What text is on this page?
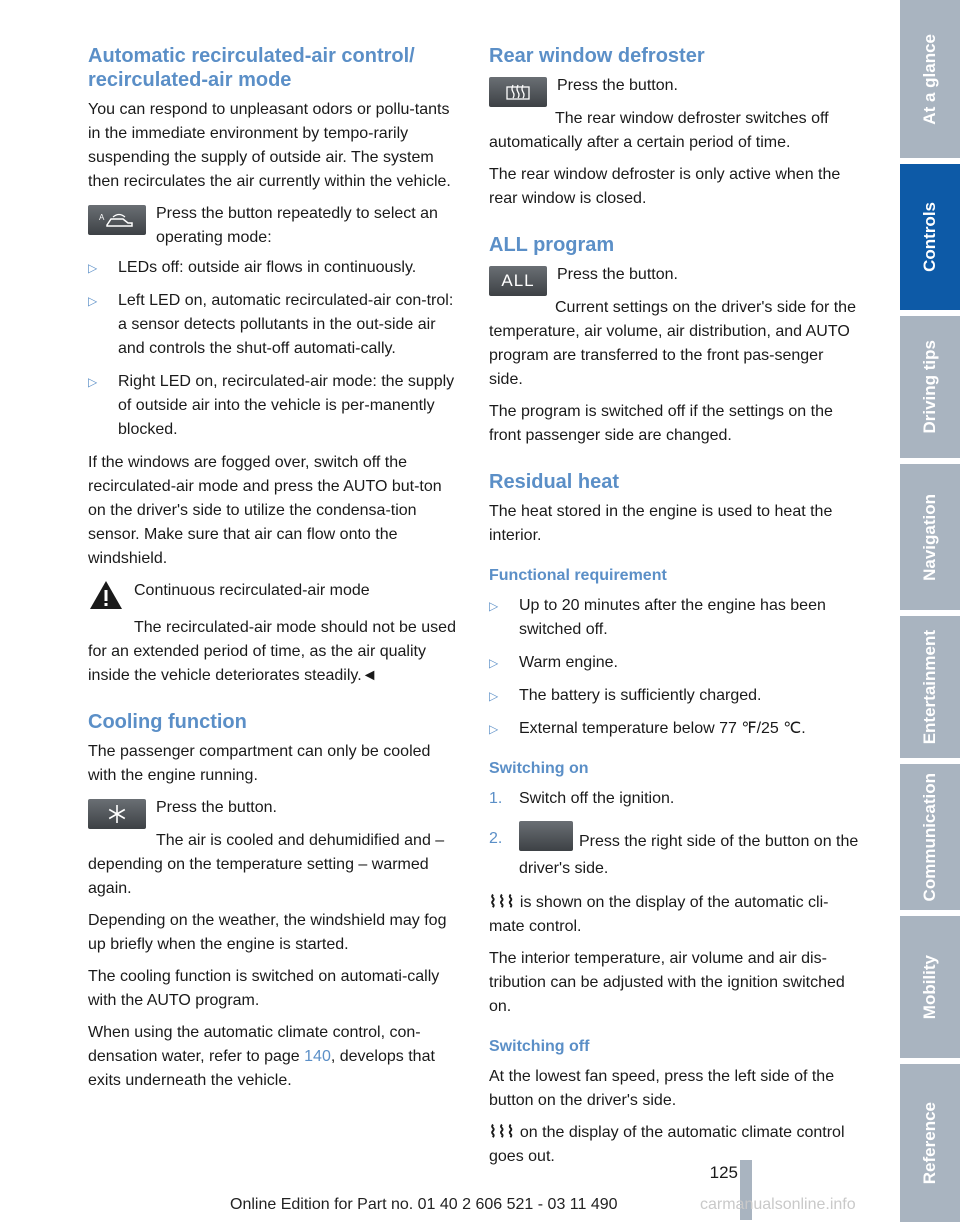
Automatic recirculated-air control/ recirculated-air mode

You can respond to unpleasant odors or pollu-tants in the immediate environment by tempo-rarily suspending the supply of outside air. The system then recirculates the air currently within the vehicle.

A	Press the button repeatedly to select an operating mode:

▷ LEDs off: outside air flows in continuously.
▷ Left LED on, automatic recirculated-air con-trol: a sensor detects pollutants in the out-side air and controls the shut-off automati-cally.
▷ Right LED on, recirculated-air mode: the supply of outside air into the vehicle is per-manently blocked.

If the windows are fogged over, switch off the recirculated-air mode and press the AUTO but-ton on the driver's side to utilize the condensa-tion sensor. Make sure that air can flow onto the windshield.

Continuous recirculated-air mode

The recirculated-air mode should not be used for an extended period of time, as the air quality inside the vehicle deteriorates steadily.◄

Cooling function

The passenger compartment can only be cooled with the engine running.

Press the button.

The air is cooled and dehumidified and – depending on the temperature setting – warmed again.

Depending on the weather, the windshield may fog up briefly when the engine is started.

The cooling function is switched on automati-cally with the AUTO program.

When using the automatic climate control, con-densation water, refer to page 140, develops that exits underneath the vehicle.

Rear window defroster

Press the button.

The rear window defroster switches off automatically after a certain period of time.

The rear window defroster is only active when the rear window is closed.

ALL program
ALL Press the button.

Current settings on the driver's side for the temperature, air volume, air distribution, and AUTO program are transferred to the front pas-senger side.

The program is switched off if the settings on the front passenger side are changed.

Residual heat

The heat stored in the engine is used to heat the interior.

Functional requirement
▷ Up to 20 minutes after the engine has been switched off.
▷ Warm engine.
▷ The battery is sufficiently charged.
▷ External temperature below 77 ℉/25 ℃.
Switching on
1. Switch off the ignition.
2.	Press the right side of the button on the driver's side.

⌇⌇⌇ is shown on the display of the automatic cli-mate control.

The interior temperature, air volume and air dis-tribution can be adjusted with the ignition switched on.

Switching off

At the lowest fan speed, press the left side of the button on the driver's side.

⌇⌇⌇ on the display of the automatic climate control goes out.

At a glance
Controls
Driving tips
Navigation
Entertainment
Communication
Mobility
Reference
125
Online Edition for Part no. 01 40 2 606 521 - 03 11 490	carmanualsonline.info
